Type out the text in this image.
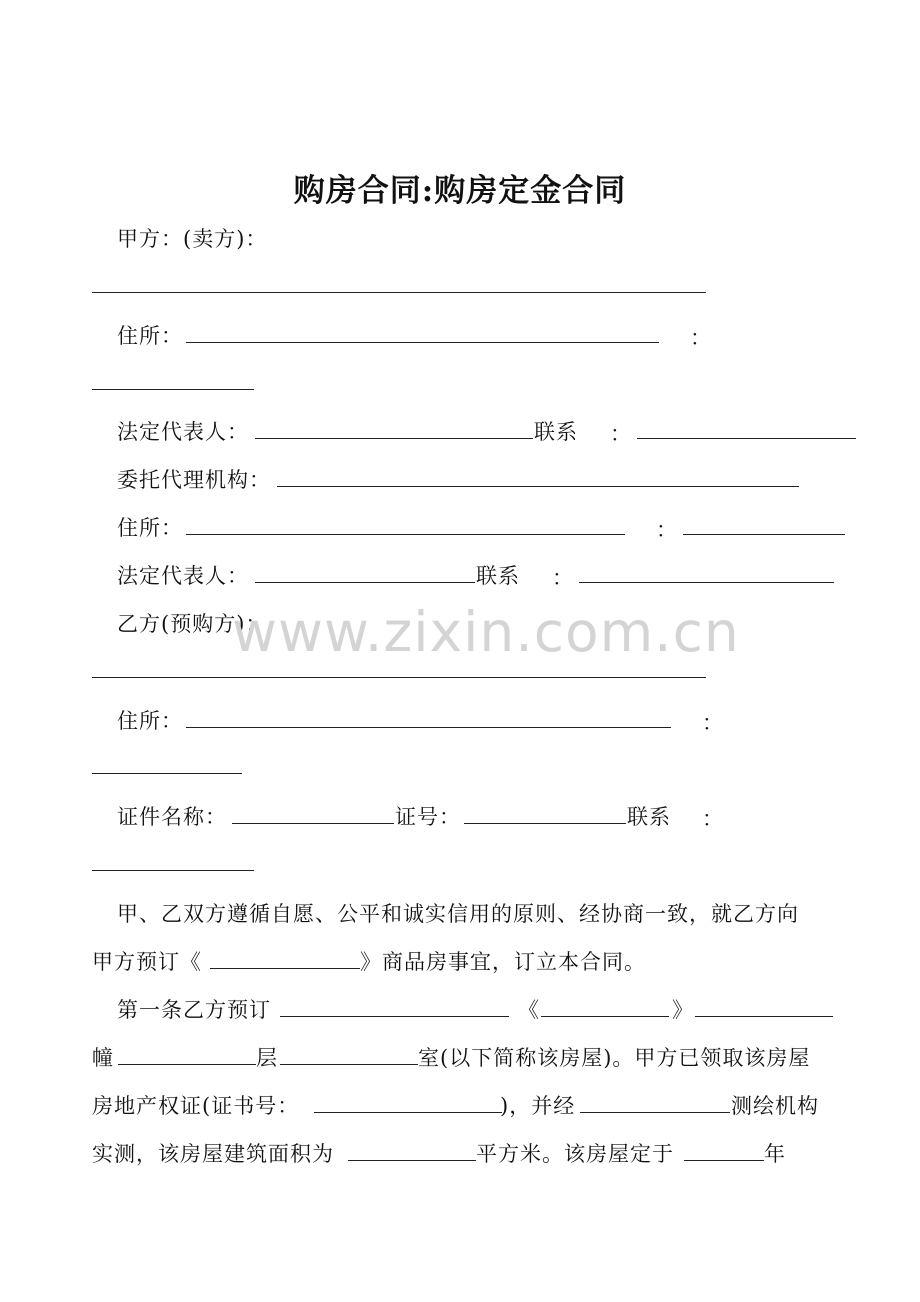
购房合同:购房定金合同
甲方：(卖方)：
住所：	：
法定代表人：	联系 ：
委托代理机构：
住所：	：
法定代表人：	联系 ：
乙方(预购方)：
住所：	：
证件名称：	证号：	联系 ：
甲、乙双方遵循自愿、公平和诚实信用的原则、经协商一致，就乙方向
甲方预订《	》商品房事宜，订立本合同。
第一条乙方预订	《	》
幢	层	室(以下简称该房屋)。甲方已领取该房屋
房地产权证(证书号：	)，并经	测绘机构
实测，该房屋建筑面积为	平方米。该房屋定于	年
www.zixin.com.cn
